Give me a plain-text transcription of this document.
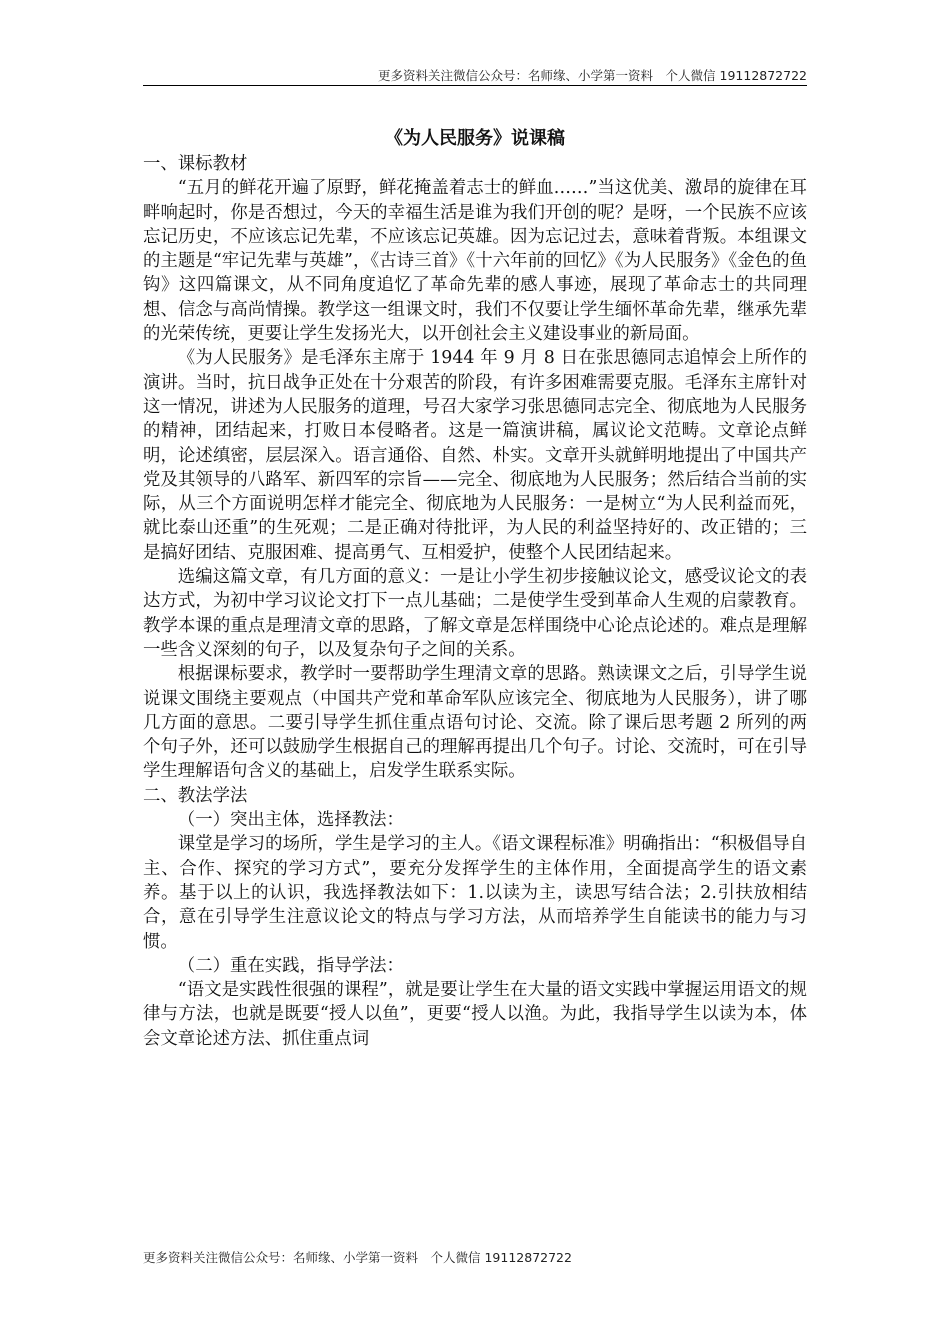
更多资料关注微信公众号：名师缘、小学第一资料　个人微信 19112872722

《为人民服务》说课稿

一、课标教材

“五月的鲜花开遍了原野，鲜花掩盖着志士的鲜血……”当这优美、激昂的旋律在耳畔响起时，你是否想过，今天的幸福生活是谁为我们开创的呢？是呀，一个民族不应该忘记历史，不应该忘记先辈，不应该忘记英雄。因为忘记过去，意味着背叛。本组课文的主题是“牢记先辈与英雄”，《古诗三首》《十六年前的回忆》《为人民服务》《金色的鱼钩》这四篇课文，从不同角度追忆了革命先辈的感人事迹，展现了革命志士的共同理想、信念与高尚情操。教学这一组课文时，我们不仅要让学生缅怀革命先辈，继承先辈的光荣传统，更要让学生发扬光大，以开创社会主义建设事业的新局面。

《为人民服务》是毛泽东主席于 1944 年 9 月 8 日在张思德同志追悼会上所作的演讲。当时，抗日战争正处在十分艰苦的阶段，有许多困难需要克服。毛泽东主席针对这一情况，讲述为人民服务的道理，号召大家学习张思德同志完全、彻底地为人民服务的精神，团结起来，打败日本侵略者。这是一篇演讲稿，属议论文范畴。文章论点鲜明，论述缜密，层层深入。语言通俗、自然、朴实。文章开头就鲜明地提出了中国共产党及其领导的八路军、新四军的宗旨——完全、彻底地为人民服务；然后结合当前的实际，从三个方面说明怎样才能完全、彻底地为人民服务：一是树立“为人民利益而死，就比泰山还重”的生死观；二是正确对待批评，为人民的利益坚持好的、改正错的；三是搞好团结、克服困难、提高勇气、互相爱护，使整个人民团结起来。

选编这篇文章，有几方面的意义：一是让小学生初步接触议论文，感受议论文的表达方式，为初中学习议论文打下一点儿基础；二是使学生受到革命人生观的启蒙教育。教学本课的重点是理清文章的思路，了解文章是怎样围绕中心论点论述的。难点是理解一些含义深刻的句子，以及复杂句子之间的关系。

根据课标要求，教学时一要帮助学生理清文章的思路。熟读课文之后，引导学生说说课文围绕主要观点（中国共产党和革命军队应该完全、彻底地为人民服务），讲了哪几方面的意思。二要引导学生抓住重点语句讨论、交流。除了课后思考题 2 所列的两个句子外，还可以鼓励学生根据自己的理解再提出几个句子。讨论、交流时，可在引导学生理解语句含义的基础上，启发学生联系实际。

二、教法学法

（一）突出主体，选择教法：

课堂是学习的场所，学生是学习的主人。《语文课程标准》明确指出：“积极倡导自主、合作、探究的学习方式”，要充分发挥学生的主体作用，全面提高学生的语文素养。基于以上的认识，我选择教法如下：1.以读为主，读思写结合法；2.引扶放相结合，意在引导学生注意议论文的特点与学习方法，从而培养学生自能读书的能力与习惯。

（二）重在实践，指导学法：

“语文是实践性很强的课程”，就是要让学生在大量的语文实践中掌握运用语文的规律与方法，也就是既要“授人以鱼”，更要“授人以渔。为此，我指导学生以读为本，体会文章论述方法、抓住重点词

更多资料关注微信公众号：名师缘、小学第一资料　个人微信 19112872722
